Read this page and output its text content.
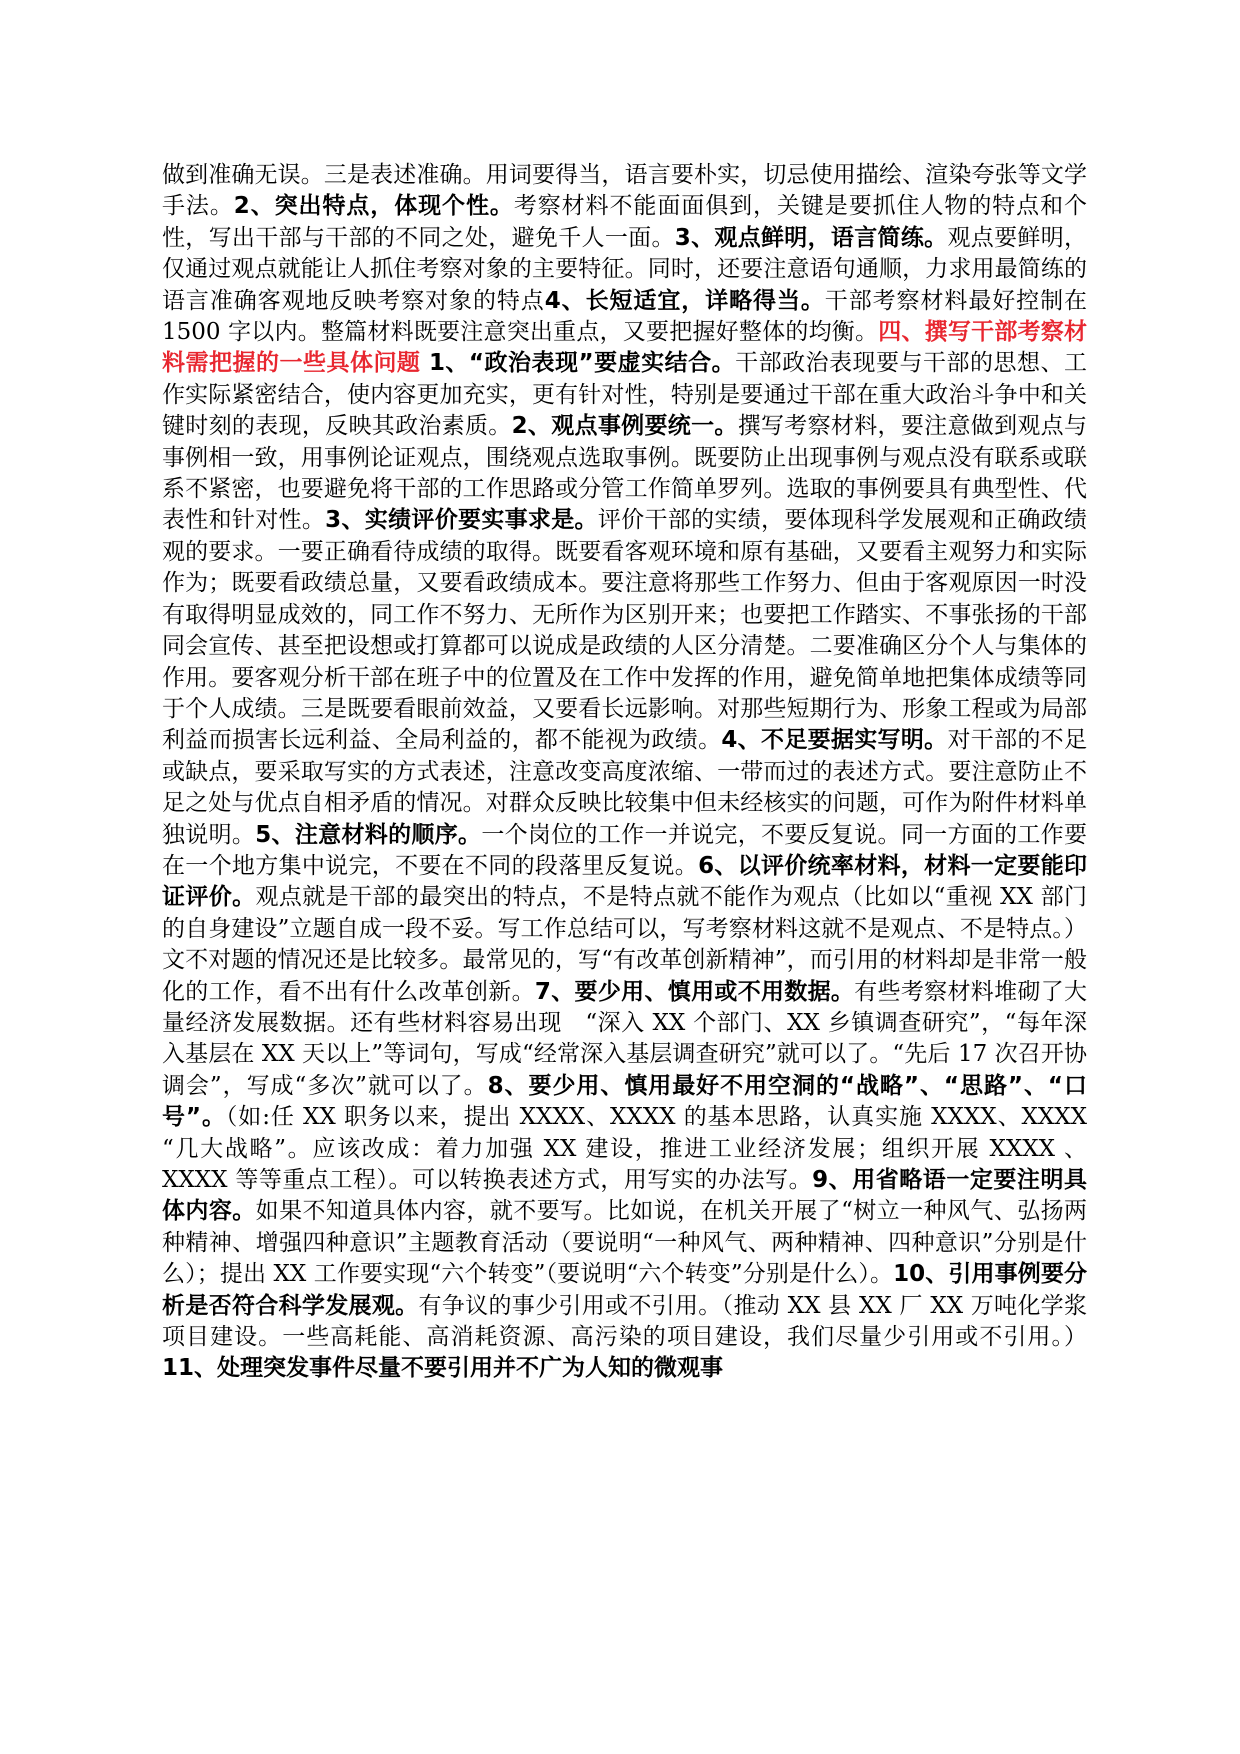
做到准确无误。三是表述准确。用词要得当，语言要朴实，切忌使用描绘、渲染夸张等文学手法。2、突出特点，体现个性。考察材料不能面面俱到，关键是要抓住人物的特点和个性，写出干部与干部的不同之处，避免千人一面。3、观点鲜明，语言简练。观点要鲜明，仅通过观点就能让人抓住考察对象的主要特征。同时，还要注意语句通顺，力求用最简练的语言准确客观地反映考察对象的特点4、长短适宜，详略得当。干部考察材料最好控制在 1500 字以内。整篇材料既要注意突出重点，又要把握好整体的均衡。四、撰写干部考察材料需把握的一些具体问题 1、“政治表现”要虚实结合。干部政治表现要与干部的思想、工作实际紧密结合，使内容更加充实，更有针对性，特别是要通过干部在重大政治斗争中和关键时刻的表现，反映其政治素质。2、观点事例要统一。撰写考察材料，要注意做到观点与事例相一致，用事例论证观点，围绕观点选取事例。既要防止出现事例与观点没有联系或联系不紧密，也要避免将干部的工作思路或分管工作简单罗列。选取的事例要具有典型性、代表性和针对性。3、实绩评价要实事求是。评价干部的实绩，要体现科学发展观和正确政绩观的要求。一要正确看待成绩的取得。既要看客观环境和原有基础，又要看主观努力和实际作为；既要看政绩总量，又要看政绩成本。要注意将那些工作努力、但由于客观原因一时没有取得明显成效的，同工作不努力、无所作为区别开来；也要把工作踏实、不事张扬的干部同会宣传、甚至把设想或打算都可以说成是政绩的人区分清楚。二要准确区分个人与集体的作用。要客观分析干部在班子中的位置及在工作中发挥的作用，避免简单地把集体成绩等同于个人成绩。三是既要看眼前效益，又要看长远影响。对那些短期行为、形象工程或为局部利益而损害长远利益、全局利益的，都不能视为政绩。4、不足要据实写明。对干部的不足或缺点，要采取写实的方式表述，注意改变高度浓缩、一带而过的表述方式。要注意防止不足之处与优点自相矛盾的情况。对群众反映比较集中但未经核实的问题，可作为附件材料单独说明。5、注意材料的顺序。一个岗位的工作一并说完，不要反复说。同一方面的工作要在一个地方集中说完，不要在不同的段落里反复说。6、以评价统率材料，材料一定要能印证评价。观点就是干部的最突出的特点，不是特点就不能作为观点（比如以“重视 XX 部门的自身建设”立题自成一段不妥。写工作总结可以，写考察材料这就不是观点、不是特点。）文不对题的情况还是比较多。最常见的，写“有改革创新精神”，而引用的材料却是非常一般化的工作，看不出有什么改革创新。7、要少用、慎用或不用数据。有些考察材料堆砌了大量经济发展数据。还有些材料容易出现　“深入 XX 个部门、XX 乡镇调查研究”，“每年深入基层在 XX 天以上”等词句，写成“经常深入基层调查研究”就可以了。“先后 17 次召开协调会”，写成“多次”就可以了。8、要少用、慎用最好不用空洞的“战略”、“思路”、“口号”。（如:任 XX 职务以来，提出 XXXX、XXXX 的基本思路，认真实施 XXXX、XXXX “几大战略”。应该改成：着力加强 XX 建设，推进工业经济发展；组织开展 XXXX 、XXXX 等等重点工程）。可以转换表述方式，用写实的办法写。9、用省略语一定要注明具体内容。如果不知道具体内容，就不要写。比如说，在机关开展了“树立一种风气、弘扬两种精神、增强四种意识”主题教育活动（要说明“一种风气、两种精神、四种意识”分别是什么）；提出 XX 工作要实现“六个转变”（要说明“六个转变”分别是什么）。10、引用事例要分析是否符合科学发展观。有争议的事少引用或不引用。（推动 XX 县 XX 厂 XX 万吨化学浆项目建设。一些高耗能、高消耗资源、高污染的项目建设，我们尽量少引用或不引用。）11、处理突发事件尽量不要引用并不广为人知的微观事
